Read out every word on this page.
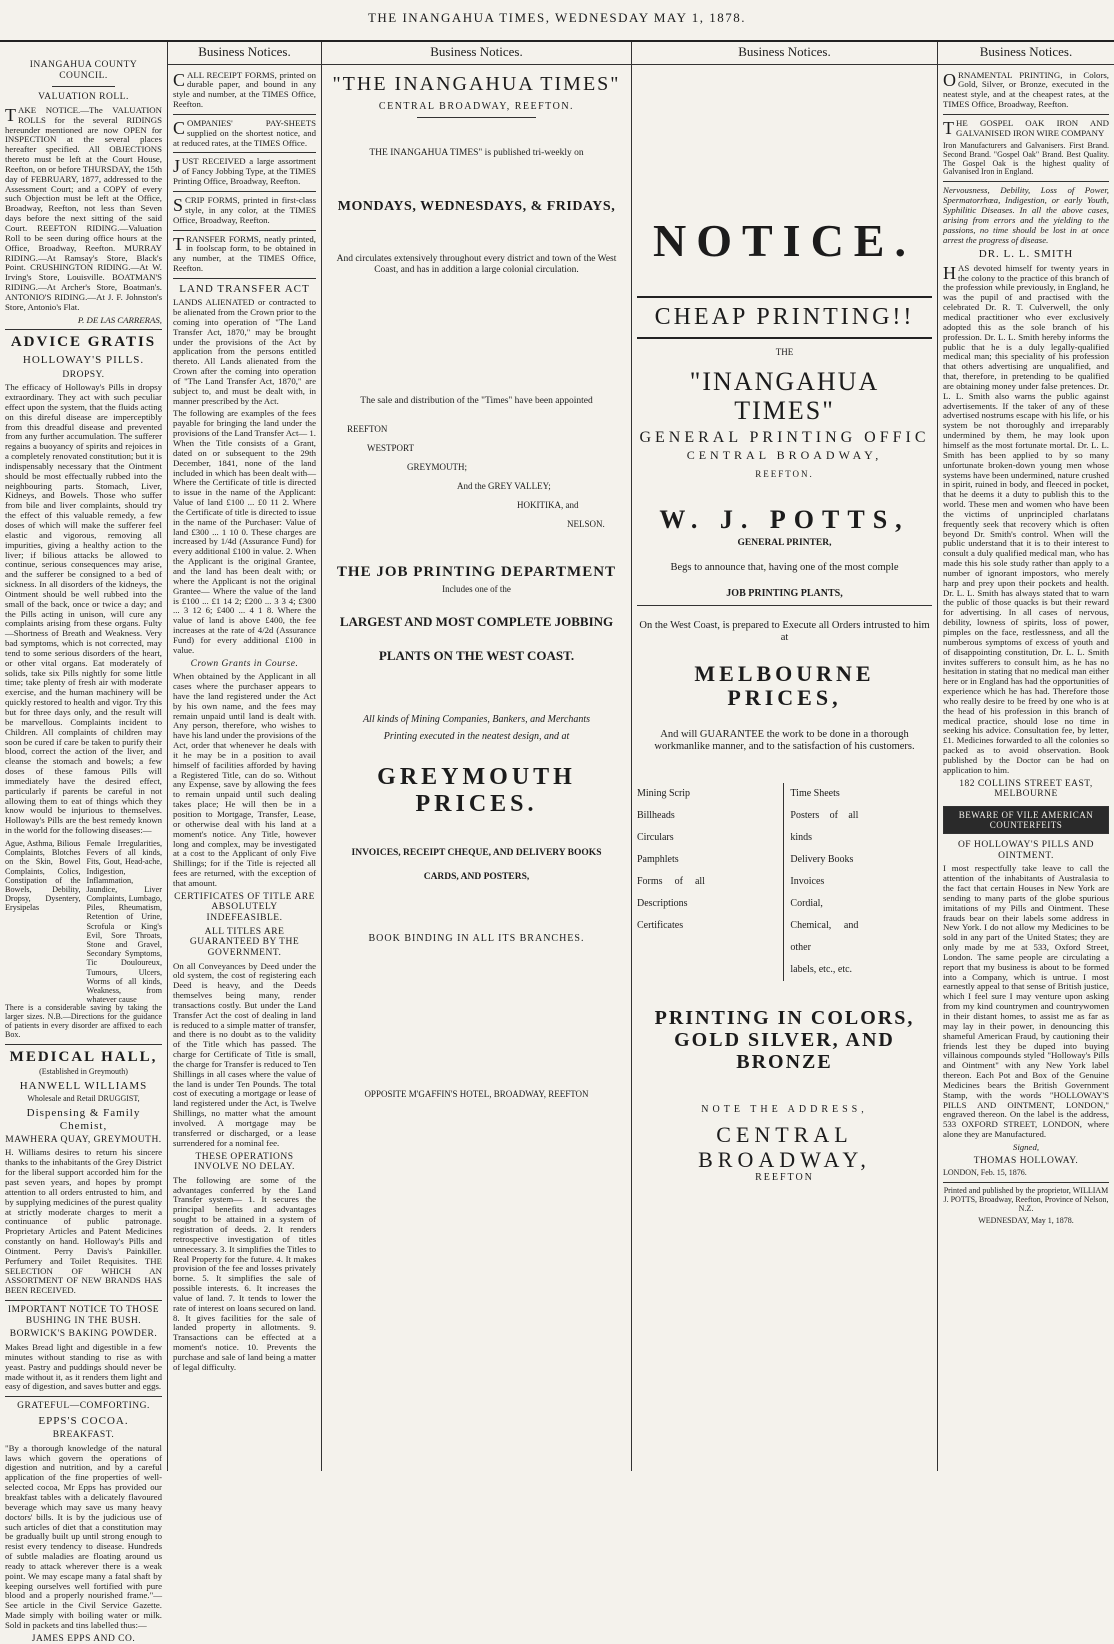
THE INANGAHUA TIMES, WEDNESDAY MAY 1, 1878.
INANGAHUA COUNTY COUNCIL.
VALUATION ROLL.

TAKE NOTICE.—The VALUATION ROLLS for the several RIDINGS hereunder mentioned are now OPEN for INSPECTION at the several places hereafter specified. All OBJECTIONS thereto must be left at the Court House, Reefton, on or before THURSDAY, the 15th day of FEBRUARY, 1877, addressed to the Assessment Court; and a COPY of every such Objection must be left at the Office, Broadway, Reefton, not less than Seven days before the next sitting of the said Court. REEFTON RIDING.—Valuation Roll to be seen during office hours at the Office, Broadway, Reefton. MURRAY RIDING.—At Ramsay's Store, Black's Point. CRUSHINGTON RIDING.—At W. Irving's Store, Louisville. BOATMAN'S RIDING.—At Archer's Store, Boatman's. ANTONIO'S RIDING.—At J. F. Johnston's Store, Antonio's Flat.

P. DE LAS CARRERAS,

ADVICE GRATIS
HOLLOWAY'S PILLS.
DROPSY.

The efficacy of Holloway's Pills in dropsy extraordinary. They act with such peculiar effect upon the system, that the fluids acting on this direful disease are imperceptibly from this dreadful disease and prevented from any further accumulation. The sufferer regains a buoyancy of spirits and rejoices in a completely renovated constitution; but it is indispensably necessary that the Ointment should be most effectually rubbed into the neighbouring parts. Stomach, Liver, Kidneys, and Bowels. Those who suffer from bile and liver complaints, should try the effect of this valuable remedy, a few doses of which will make the sufferer feel elastic and vigorous, removing all impurities, giving a healthy action to the liver; if bilious attacks be allowed to continue, serious consequences may arise, and the sufferer be consigned to a bed of sickness. In all disorders of the kidneys, the Ointment should be well rubbed into the small of the back, once or twice a day; and the Pills acting in unison, will cure any complaints arising from these organs. Fulty—Shortness of Breath and Weakness. Very bad symptoms, which is not corrected, may tend to some serious disorders of the heart, or other vital organs. Eat moderately of solids, take six Pills nightly for some little time; take plenty of fresh air with moderate exercise, and the human machinery will be quickly restored to health and vigor. Try this but for three days only, and the result will be marvellous. Complaints incident to Children. All complaints of children may soon be cured if care be taken to purify their blood, correct the action of the liver, and cleanse the stomach and bowels; a few doses of these famous Pills will immediately have the desired effect, particularly if parents be careful in not allowing them to eat of things which they know would be injurious to themselves. Holloway's Pills are the best remedy known in the world for the following diseases:—

Ague, Asthma, Bilious Complaints, Blotches on the Skin, Bowel Complaints, Colics, Constipation of the Bowels, Debility, Dropsy, Dysentery, Erysipelas
Female Irregularities, Fevers of all kinds, Fits, Gout, Head-ache, Indigestion, Inflammation, Jaundice, Liver Complaints, Lumbago, Piles, Rheumatism, Retention of Urine, Scrofula or King's Evil, Sore Throats, Stone and Gravel, Secondary Symptoms, Tic Douloureux, Tumours, Ulcers, Worms of all kinds, Weakness, from whatever cause

There is a considerable saving by taking the larger sizes. N.B.—Directions for the guidance of patients in every disorder are affixed to each Box.

MEDICAL HALL,
(Established in Greymouth)
HANWELL WILLIAMS
Wholesale and Retail DRUGGIST,
Dispensing & Family Chemist,
MAWHERA QUAY, GREYMOUTH.

H. Williams desires to return his sincere thanks to the inhabitants of the Grey District for the liberal support accorded him for the past seven years, and hopes by prompt attention to all orders entrusted to him, and by supplying medicines of the purest quality at strictly moderate charges to merit a continuance of public patronage. Proprietary Articles and Patent Medicines constantly on hand. Holloway's Pills and Ointment. Perry Davis's Painkiller. Perfumery and Toilet Requisites. THE SELECTION OF WHICH AN ASSORTMENT OF NEW BRANDS HAS BEEN RECEIVED.

IMPORTANT NOTICE TO THOSE BUSHING IN THE BUSH.
BORWICK'S BAKING POWDER.

Makes Bread light and digestible in a few minutes without standing to rise as with yeast. Pastry and puddings should never be made without it, as it renders them light and easy of digestion, and saves butter and eggs.

GRATEFUL—COMFORTING.
EPPS'S COCOA.
BREAKFAST.

"By a thorough knowledge of the natural laws which govern the operations of digestion and nutrition, and by a careful application of the fine properties of well-selected cocoa, Mr Epps has provided our breakfast tables with a delicately flavoured beverage which may save us many heavy doctors' bills. It is by the judicious use of such articles of diet that a constitution may be gradually built up until strong enough to resist every tendency to disease. Hundreds of subtle maladies are floating around us ready to attack wherever there is a weak point. We may escape many a fatal shaft by keeping ourselves well fortified with pure blood and a properly nourished frame."—See article in the Civil Service Gazette. Made simply with boiling water or milk. Sold in packets and tins labelled thus:—

JAMES EPPS AND CO.
Business Notices.

CALL RECEIPT FORMS, printed on durable paper, and bound in any style and number, at the TIMES Office, Reefton.

COMPANIES' PAY-SHEETS supplied on the shortest notice, and at reduced rates, at the TIMES Office.

JUST RECEIVED a large assortment of Fancy Jobbing Type, at the TIMES Printing Office, Broadway, Reefton.

SCRIP FORMS, printed in first-class style, in any color, at the TIMES Office, Broadway, Reefton.

TRANSFER FORMS, neatly printed, in foolscap form, to be obtained in any number, at the TIMES Office, Reefton.

LAND TRANSFER ACT

LANDS ALIENATED or contracted to be alienated from the Crown prior to the coming into operation of "The Land Transfer Act, 1870," may be brought under the provisions of the Act by application from the persons entitled thereto. All Lands alienated from the Crown after the coming into operation of "The Land Transfer Act, 1870," are subject to, and must be dealt with, in manner prescribed by the Act.

The following are examples of the fees payable for bringing the land under the provisions of the Land Transfer Act— 1. When the Title consists of a Grant, dated on or subsequent to the 29th December, 1841, none of the land included in which has been dealt with— Where the Certificate of title is directed to issue in the name of the Applicant: Value of land £100 ... £0 11 2. Where the Certificate of title is directed to issue in the name of the Purchaser: Value of land £300 ... 1 10 0. These charges are increased by 1/4d (Assurance Fund) for every additional £100 in value. 2. When the Applicant is the original Grantee, and the land has been dealt with; or where the Applicant is not the original Grantee— Where the value of the land is £100 ... £1 14 2; £200 ... 3 3 4; £300 ... 3 12 6; £400 ... 4 1 8. Where the value of land is above £400, the fee increases at the rate of 4/2d (Assurance Fund) for every additional £100 in value.

Crown Grants in Course.

When obtained by the Applicant in all cases where the purchaser appears to have the land registered under the Act by his own name, and the fees may remain unpaid until land is dealt with. Any person, therefore, who wishes to have his land under the provisions of the Act, order that whenever he deals with it he may be in a position to avail himself of facilities afforded by having a Registered Title, can do so. Without any Expense, save by allowing the fees to remain unpaid until such dealing takes place; He will then be in a position to Mortgage, Transfer, Lease, or otherwise deal with his land at a moment's notice. Any Title, however long and complex, may be investigated at a cost to the Applicant of only Five Shillings; for if the Title is rejected all fees are returned, with the exception of that amount.

CERTIFICATES OF TITLE ARE ABSOLUTELY INDEFEASIBLE.
ALL TITLES ARE GUARANTEED BY THE GOVERNMENT.

On all Conveyances by Deed under the old system, the cost of registering each Deed is heavy, and the Deeds themselves being many, render transactions costly. But under the Land Transfer Act the cost of dealing in land is reduced to a simple matter of transfer, and there is no doubt as to the validity of the Title which has passed. The charge for Certificate of Title is small, the charge for Transfer is reduced to Ten Shillings in all cases where the value of the land is under Ten Pounds. The total cost of executing a mortgage or lease of land registered under the Act, is Twelve Shillings, no matter what the amount involved. A mortgage may be transferred or discharged, or a lease surrendered for a nominal fee.

THESE OPERATIONS INVOLVE NO DELAY.

The following are some of the advantages conferred by the Land Transfer system— 1. It secures the principal benefits and advantages sought to be attained in a system of registration of deeds. 2. It renders retrospective investigation of titles unnecessary. 3. It simplifies the Titles to Real Property for the future. 4. It makes provision of the fee and losses privately borne. 5. It simplifies the sale of possible interests. 6. It increases the value of land. 7. It tends to lower the rate of interest on loans secured on land. 8. It gives facilities for the sale of landed property in allotments. 9. Transactions can be effected at a moment's notice. 10. Prevents the purchase and sale of land being a matter of legal difficulty.

Business Notices.
"THE INANGAHUA TIMES"
CENTRAL BROADWAY, REEFTON.
THE INANGAHUA TIMES" is published tri-weekly on
MONDAYS, WEDNESDAYS, & FRIDAYS,
And circulates extensively throughout every district and town of the West Coast, and has in addition a large colonial circulation.
The sale and distribution of the "Times" have been appointed
REEFTON
WESTPORT
GREYMOUTH;
And the GREY VALLEY;
HOKITIKA, and
NELSON.
THE JOB PRINTING DEPARTMENT
Includes one of the
LARGEST AND MOST COMPLETE JOBBING
PLANTS ON THE WEST COAST.
All kinds of Mining Companies, Bankers, and Merchants
Printing executed in the neatest design, and at
GREYMOUTH PRICES.
INVOICES, RECEIPT CHEQUE, AND DELIVERY BOOKS
CARDS, AND POSTERS,
BOOK BINDING IN ALL ITS BRANCHES.
OPPOSITE M'GAFFIN'S HOTEL, BROADWAY, REEFTON
Business Notices.
NOTICE.
CHEAP PRINTING!!
THE
"INANGAHUA TIMES"
GENERAL PRINTING OFFIC
CENTRAL BROADWAY,
REEFTON.
W. J. POTTS,
GENERAL PRINTER,
Begs to announce that, having one of the most comple
JOB PRINTING PLANTS,
On the West Coast, is prepared to Execute all Orders intrusted to him at
MELBOURNE PRICES,
And will GUARANTEE the work to be done in a thorough workmanlike manner, and to the satisfaction of his customers.
Mining Scrip
Billheads
Circulars
Pamphlets
Forms of all Descriptions
Certificates
Time Sheets
Posters of all kinds
Delivery Books
Invoices
Cordial, Chemical, and other
labels, etc., etc.
PRINTING IN COLORS, GOLD SILVER, AND BRONZE
NOTE THE ADDRESS,
CENTRAL BROADWAY,
REEFTON
Business Notices.

ORNAMENTAL PRINTING, in Colors, Gold, Silver, or Bronze, executed in the neatest style, and at the cheapest rates, at the TIMES Office, Broadway, Reefton.

THE GOSPEL OAK IRON AND GALVANISED IRON WIRE COMPANY

Iron Manufacturers and Galvanisers. First Brand. Second Brand. "Gospel Oak" Brand. Best Quality. The Gospel Oak is the highest quality of Galvanised Iron in England.

Nervousness, Debility, Loss of Power, Spermatorrhœa, Indigestion, or early Youth, Syphilitic Diseases. In all the above cases, arising from errors and the yielding to the passions, no time should be lost in at once arrest the progress of disease.

DR. L. L. SMITH

HAS devoted himself for twenty years in the colony to the practice of this branch of the profession while previously, in England, he was the pupil of and practised with the celebrated Dr. R. T. Culverwell, the only medical practitioner who ever exclusively adopted this as the sole branch of his profession. Dr. L. L. Smith hereby informs the public that he is a duly legally-qualified medical man; this speciality of his profession that others advertising are unqualified, and that, therefore, in pretending to be qualified are obtaining money under false pretences. Dr. L. L. Smith also warns the public against advertisements. If the taker of any of these advertised nostrums escape with his life, or his system be not thoroughly and irreparably undermined by them, he may look upon himself as the most fortunate mortal. Dr. L. L. Smith has been applied to by so many unfortunate broken-down young men whose systems have been undermined, nature crushed in spirit, ruined in body, and fleeced in pocket, that he deems it a duty to publish this to the world. These men and women who have been the victims of unprincipled charlatans frequently seek that recovery which is often beyond Dr. Smith's control. When will the public understand that it is to their interest to consult a duly qualified medical man, who has made this his sole study rather than apply to a number of ignorant impostors, who merely harp and prey upon their pockets and health. Dr. L. L. Smith has always stated that to warn the public of those quacks is but their reward for advertising. In all cases of nervous, debility, lowness of spirits, loss of power, pimples on the face, restlessness, and all the numberous symptoms of excess of youth and of disappointing constitution, Dr. L. L. Smith invites sufferers to consult him, as he has no hesitation in stating that no medical man either here or in England has had the opportunities of experience which he has had. Therefore those who really desire to be freed by one who is at the head of his profession in this branch of medical practice, should lose no time in seeking his advice. Consultation fee, by letter, £1. Medicines forwarded to all the colonies so packed as to avoid observation. Book published by the Doctor can be had on application to him.

182 COLLINS STREET EAST, MELBOURNE
BEWARE OF VILE AMERICAN COUNTERFEITS
OF HOLLOWAY'S PILLS AND OINTMENT.

I most respectfully take leave to call the attention of the inhabitants of Australasia to the fact that certain Houses in New York are sending to many parts of the globe spurious imitations of my Pills and Ointment. These frauds bear on their labels some address in New York. I do not allow my Medicines to be sold in any part of the United States; they are only made by me at 533, Oxford Street, London. The same people are circulating a report that my business is about to be formed into a Company, which is untrue. I most earnestly appeal to that sense of British justice, which I feel sure I may venture upon asking from my kind countrymen and countrywomen in their distant homes, to assist me as far as may lay in their power, in denouncing this shameful American Fraud, by cautioning their friends lest they be duped into buying villainous compounds styled "Holloway's Pills and Ointment" with any New York label thereon. Each Pot and Box of the Genuine Medicines bears the British Government Stamp, with the words "HOLLOWAY'S PILLS AND OINTMENT, LONDON," engraved thereon. On the label is the address, 533 OXFORD STREET, LONDON, where alone they are Manufactured.

Signed,
THOMAS HOLLOWAY.
LONDON, Feb. 15, 1876.

Printed and published by the proprietor, WILLIAM J. POTTS, Broadway, Reefton, Province of Nelson, N.Z.

WEDNESDAY, May 1, 1878.
